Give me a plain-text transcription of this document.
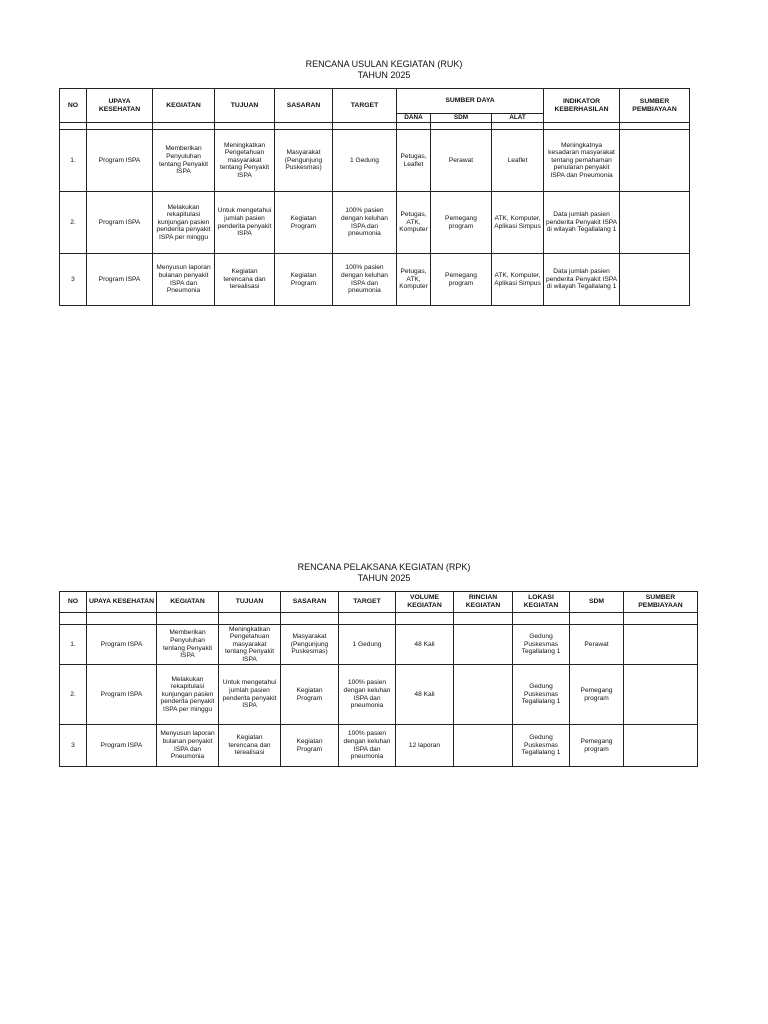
RENCANA USULAN KEGIATAN (RUK)
TAHUN 2025
NO	UPAYA KESEHATAN	KEGIATAN	TUJUAN	SASARAN	TARGET	SUMBER DAYA			INDIKATOR KEBERHASILAN	SUMBER PEMBIAYAAN
						DANA	SDM	ALAT		

1.	Program ISPA	Memberikan Penyuluhan tentang Penyakit ISPA	Meningkatkan Pengetahuan masyarakat tentang Penyakit ISPA	Masyarakat (Pengunjung Puskesmas)	1 Gedung	Petugas, Leaflet	Perawat	Leaflet	Meningkatnya kesadaran masyarakat tentang pemahaman penularan penyakit ISPA dan Pneumonia	
2.	Program ISPA	Melakukan rekapitulasi kunjungan pasien penderita penyakit ISPA per minggu	Untuk mengetahui jumlah pasien penderita penyakit ISPA	Kegiatan Program	100% pasien dengan keluhan ISPA dan pneumonia	Petugas, ATK, Komputer	Pemegang program	ATK, Komputer, Aplikasi Simpus	Data jumlah pasien penderita Penyakit ISPA di wilayah Tegallalang 1	
3	Program ISPA	Menyusun laporan bulanan penyakit ISPA dan Pneumonia	Kegiatan terencana dan terealisasi	Kegiatan Program	100% pasien dengan keluhan ISPA dan pneumonia	Petugas, ATK, Komputer	Pemegang program	ATK, Komputer, Aplikasi Simpus	Data jumlah pasien penderita Penyakit ISPA di wilayah Tegallalang 1	
RENCANA PELAKSANA KEGIATAN (RPK)
TAHUN 2025
NO	UPAYA KESEHATAN	KEGIATAN	TUJUAN	SASARAN	TARGET	VOLUME KEGIATAN	RINCIAN KEGIATAN	LOKASI KEGIATAN	SDM	SUMBER PEMBIAYAAN

1.	Program ISPA	Memberikan Penyuluhan tentang Penyakit ISPA	Meningkatkan Pengetahuan masyarakat tentang Penyakit ISPA	Masyarakat (Pengunjung Puskesmas)	1 Gedung	48 Kali		Gedung Puskesmas Tegallalang 1	Perawat	
2.	Program ISPA	Melakukan rekapitulasi kunjungan pasien penderita penyakit ISPA per minggu	Untuk mengetahui jumlah pasien penderita penyakit ISPA	Kegiatan Program	100% pasien dengan keluhan ISPA dan pneumonia	48 Kali		Gedung Puskesmas Tegallalang 1	Pemegang program	
3	Program ISPA	Menyusun laporan bulanan penyakit ISPA dan Pneumonia	Kegiatan terencana dan terealisasi	Kegiatan Program	100% pasien dengan keluhan ISPA dan pneumonia	12 laporan		Gedung Puskesmas Tegallalang 1	Pemegang program	
